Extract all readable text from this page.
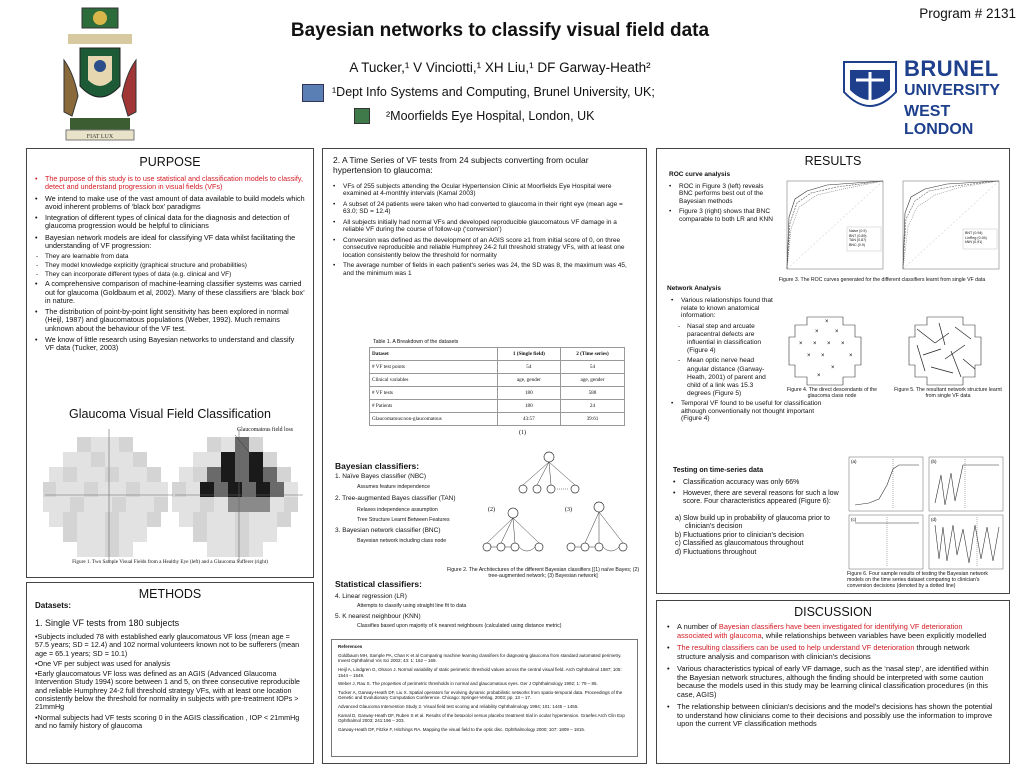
FIAT LUX
Program # 2131
Bayesian networks to classify visual field data
A Tucker,¹ V Vinciotti,¹ XH Liu,¹ DF Garway-Heath²
¹Dept Info Systems and Computing, Brunel University, UK;
²Moorfields Eye Hospital, London, UK
BRUNEL
UNIVERSITY
WEST LONDON
PURPOSE
• The purpose of this study is to use statistical and classification models to classify, detect and understand progression in visual fields (VFs)
• We intend to make use of the vast amount of data available to build models which avoid inherent problems of ‘black box’ paradigms
• Integration of different types of clinical data for the diagnosis and detection of glaucoma progression would be helpful to clinicians
• Bayesian network models are ideal for classifying VF data whilst facilitating the understanding of VF progression:
- They are learnable from data
- They model knowledge explicitly (graphical structure and probabilities)
- They can incorporate different types of data (e.g. clinical and VF)
• A comprehensive comparison of machine-learning classifier systems was carried out for glaucoma (Goldbaum et al, 2002). Many of these classifiers are ‘black box’ in nature.
• The distribution of point-by-point light sensitivity has been explored in normal (Heijl, 1987) and glaucomatous populations (Weber, 1992). Much remains unknown about the behaviour of the VF test.
• We know of little research using Bayesian networks to understand and classify VF data (Tucker, 2003)
Glaucoma Visual Field Classification
Glaucomatous field loss
Figure 1. Two Sample Visual Fields from a Healthy Eye (left) and a Glaucoma Sufferer (right)
METHODS
Datasets:
1. Single VF tests from 180 subjects
•Subjects included 78 with established early glaucomatous VF loss (mean age = 57.5 years; SD = 12.4) and 102 normal volunteers known not to be sufferers (mean age = 65.1 years; SD = 10.1)
•One VF per subject was used for analysis
•Early glaucomatous VF loss was defined as an AGIS (Advanced Glaucoma Intervention Study 1994) score between 1 and 5, on three consecutive reproducible and reliable Humphrey 24-2 full threshold strategy VFs, with at least one location consistently below the threshold for normality in subjects with pre-treatment IOPs > 21mmHg
•Normal subjects had VF tests scoring 0 in the AGIS classification , IOP < 21mmHg and no family history of glaucoma
2. A Time Series of VF tests from 24 subjects converting from ocular hypertension to glaucoma:
• VFs of 255 subjects attending the Ocular Hypertension Clinic at Moorfields Eye Hospital were examined at 4-monthly intervals (Kamal 2003)
• A subset of 24 patients were taken who had converted to glaucoma in their right eye (mean age = 63.0; SD = 12.4)
• All subjects initially had normal VFs and developed reproducible glaucomatous VF damage in a reliable VF during the course of follow-up (‘conversion’)
• Conversion was defined as the development of an AGIS score ≥1 from initial score of 0, on three consecutive reproducible and reliable Humphrey 24-2 full threshold strategy VFs, with at least one location consistently below the threshold for normality
• The average number of fields in each patient's series was 24, the SD was 8, the maximum was 45, and the minimum was 1
Table 1. A Breakdown of the datasets
Dataset	1 (Single field)	2 (Time series)
# VF test points	54	54
Clinical variables	age, gender	age, gender
# VF tests	180	588
# Patients	180	24
Glaucomatous:non-glaucomatous	43:57	39:61
Bayesian classifiers:
1. Naïve Bayes classifier (NBC)
Assumes feature independence
2. Tree-augmented Bayes classifier (TAN)
Relaxes independence assumption
Tree Structure Learnt Between Features
3. Bayesian network classifier (BNC)
Bayesian network including class node
(1)
(2)	(3)
Figure 2. The Architectures of the different Bayesian classifiers [(1) naïve Bayes; (2) tree-augmented network; (3) Bayesian network]
Statistical classifiers:
4. Linear regression (LR)
Attempts to classify using straight line fit to data
5. K nearest neighbour (KNN)
Classifies based upon majority of k nearest neighbours (calculated using distance metric)
References
Goldbaum MH, Sample PA, Chan K et al Comparing machine learning classifiers for diagnosing glaucoma from standard automated perimetry. Invest Ophthalmol Vis Sci 2002; 43: 1: 162 – 169.
Heijl A, Lindgren G, Olsson J. Normal variability of static perimetric threshold values across the central visual field. Arch Ophthalmol 1987; 105: 1544 – 1549.
Weber J, Rau S. The properties of perimetric thresholds in normal and glaucomatous eyes. Ger J Ophthalmology 1992; 1: 79 – 85.
Tucker A, Garway-Heath DF, Liu X. Spatial operators for evolving dynamic probabilistic networks from spatio-temporal data. Proceedings of the Genetic and Evolutionary Computation Conference. Chicago: Springer-Verlag, 2003; pp. 13 – 17.
Advanced Glaucoma Intervention Study 2. Visual field test scoring and reliability Ophthalmology 1994; 101: 1445 – 1455.
Kamal D, Garway-Heath DF, Ruben S et al. Results of the betaxolol versus placebo treatment trial in ocular hypertension. Graefes Arch Clin Exp Ophthalmol 2003; 241:196 – 203.
Garway-Heath DF, Fitzke F, Hitchings RA. Mapping the visual field to the optic disc. Ophthalmology 2000; 107: 1809 – 1815.
RESULTS
ROC curve analysis
• ROC in Figure 3 (left) reveals BNC performs best out of the Bayesian methods
• Figure 3 (right) shows that BNC comparable to both LR and KNN
Naive (0.9)
BNT (0.89)
TAN (0.87)
BNC (0.9)
BNT (0.94)
LinReg (0.94)
kNN (0.91)
Figure 3. The ROC curves generated for the different classifiers learnt from single VF data
Network Analysis
• Various relationships found that relate to known anatomical information:
- Nasal step and arcuate paracentral defects are influential in classification (Figure 4)
- Mean optic nerve head angular distance (Garway-Heath, 2001) of parent and child of a link was 15.3 degrees (Figure 5)
• Temporal VF found to be useful for classification although conventionally not thought important (Figure 4)
×
×	×
× × × ×
× ×	×
×
×
Figure 4. The direct descendants of the glaucoma class node
Figure 5. The resultant network structure learnt from single VF data
Testing on time-series data
• Classification accuracy was only 66%
• However, there are several reasons for such a low score. Four characteristics appeared (Figure 6):
a) Slow build up in probability of glaucoma prior to clinician's decision
b) Fluctuations prior to clinician's decision
c) Classified as glaucomatous throughout
d) Fluctuations throughout
(a)	(b)
(c)	(d)
Figure 6. Four sample results of testing the Bayesian network models on the time series dataset comparing to clinician's conversion decisions (denoted by a dotted line)
DISCUSSION
• A number of Bayesian classifiers have been investigated for identifying VF deterioration associated with glaucoma, while relationships between variables have been explicitly modelled
• The resulting classifiers can be used to help understand VF deterioration through network structure analysis and comparison with clinician's decisions
• Various characteristics typical of early VF damage, such as the ‘nasal step’, are identified within the Bayesian network structures, although the finding should be interpreted with some caution because the models used in this study may be learning clinical classification procedures (in this case, AGIS)
• The relationship between clinician's decisions and the model's decisions has shown the potential to understand how clinicians come to their decisions and possibly use the information to improve upon the current VF classification methods
